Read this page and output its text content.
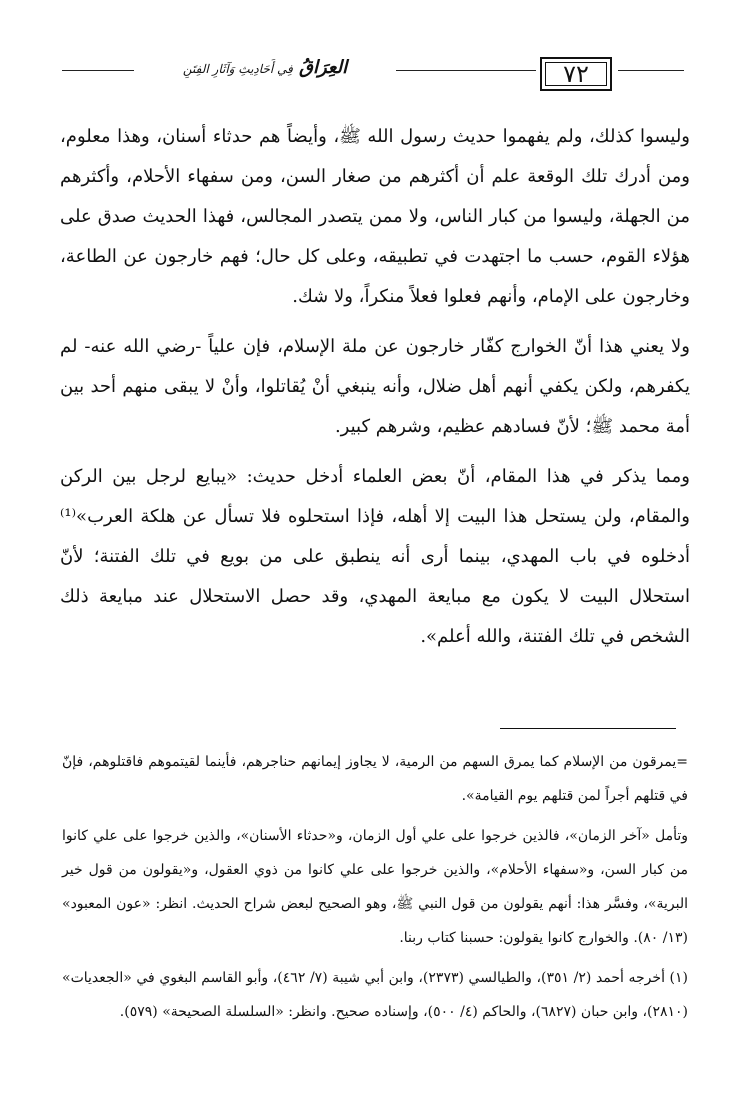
العِرَاقُ فِي أَحَادِيثِ وَآثَارِ الفِتَنِ	٧٢

وليسوا كذلك، ولم يفهموا حديث رسول الله ﷺ، وأيضاً هم حدثاء أسنان، وهذا معلوم، ومن أدرك تلك الوقعة علم أن أكثرهم من صغار السن، ومن سفهاء الأحلام، وأكثرهم من الجهلة، وليسوا من كبار الناس، ولا ممن يتصدر المجالس، فهذا الحديث صدق على هؤلاء القوم، حسب ما اجتهدت في تطبيقه، وعلى كل حال؛ فهم خارجون عن الطاعة، وخارجون على الإمام، وأنهم فعلوا فعلاً منكراً، ولا شك.

ولا يعني هذا أنّ الخوارج كفّار خارجون عن ملة الإسلام، فإن علياً -رضي الله عنه- لم يكفرهم، ولكن يكفي أنهم أهل ضلال، وأنه ينبغي أنْ يُقاتلوا، وأنْ لا يبقى منهم أحد بين أمة محمد ﷺ؛ لأنّ فسادهم عظيم، وشرهم كبير.

ومما يذكر في هذا المقام، أنّ بعض العلماء أدخل حديث: «يبايع لرجل بين الركن والمقام، ولن يستحل هذا البيت إلا أهله، فإذا استحلوه فلا تسأل عن هلكة العرب»⁽¹⁾ أدخلوه في باب المهدي، بينما أرى أنه ينطبق على من بويع في تلك الفتنة؛ لأنّ استحلال البيت لا يكون مع مبايعة المهدي، وقد حصل الاستحلال عند مبايعة ذلك الشخص في تلك الفتنة، والله أعلم».

=يمرقون من الإسلام كما يمرق السهم من الرمية، لا يجاوز إيمانهم حناجرهم، فأينما لقيتموهم فاقتلوهم، فإنّ في قتلهم أجراً لمن قتلهم يوم القيامة».

وتأمل «آخر الزمان»، فالذين خرجوا على علي أول الزمان، و«حدثاء الأسنان»، والذين خرجوا على علي كانوا من كبار السن، و«سفهاء الأحلام»، والذين خرجوا على علي كانوا من ذوي العقول، و«يقولون من قول خير البرية»، وفسَّر هذا: أنهم يقولون من قول النبي ﷺ، وهو الصحيح لبعض شراح الحديث. انظر: «عون المعبود» (١٣/ ٨٠). والخوارج كانوا يقولون: حسبنا كتاب ربنا.

(١) أخرجه أحمد (٢/ ٣٥١)، والطيالسي (٢٣٧٣)، وابن أبي شيبة (٧/ ٤٦٢)، وأبو القاسم البغوي في «الجعديات» (٢٨١٠)، وابن حبان (٦٨٢٧)، والحاكم (٤/ ٥٠٠)، وإسناده صحيح. وانظر: «السلسلة الصحيحة» (٥٧٩).
